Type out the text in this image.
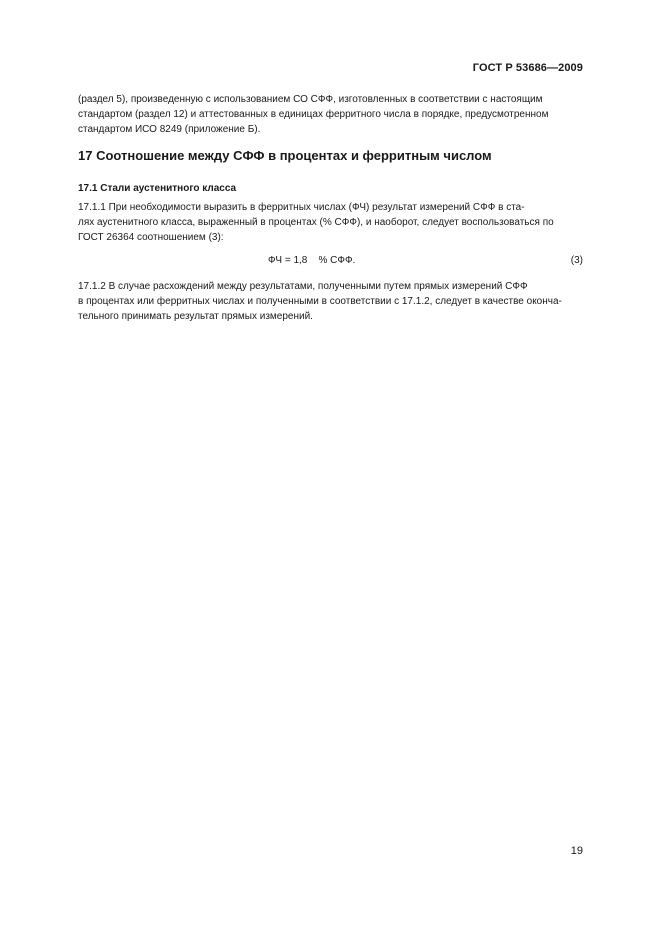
ГОСТ Р 53686—2009
(раздел 5), произведенную с использованием СО СФФ, изготовленных в соответствии с настоящим
стандартом (раздел 12) и аттестованных в единицах ферритного числа в порядке, предусмотренном
стандартом ИСО 8249 (приложение Б).
17 Соотношение между СФФ в процентах и ферритным числом
17.1 Стали аустенитного класса
17.1.1 При необходимости выразить в ферритных числах (ФЧ) результат измерений СФФ в ста-
лях аустенитного класса, выраженный в процентах (% СФФ), и наоборот, следует воспользоваться по
ГОСТ 26364 соотношением (3):
ФЧ = 1,8    % СФФ.	(3)
17.1.2 В случае расхождений между результатами, полученными путем прямых измерений СФФ
в процентах или ферритных числах и полученными в соответствии с 17.1.2, следует в качестве оконча-
тельного принимать результат прямых измерений.
19
